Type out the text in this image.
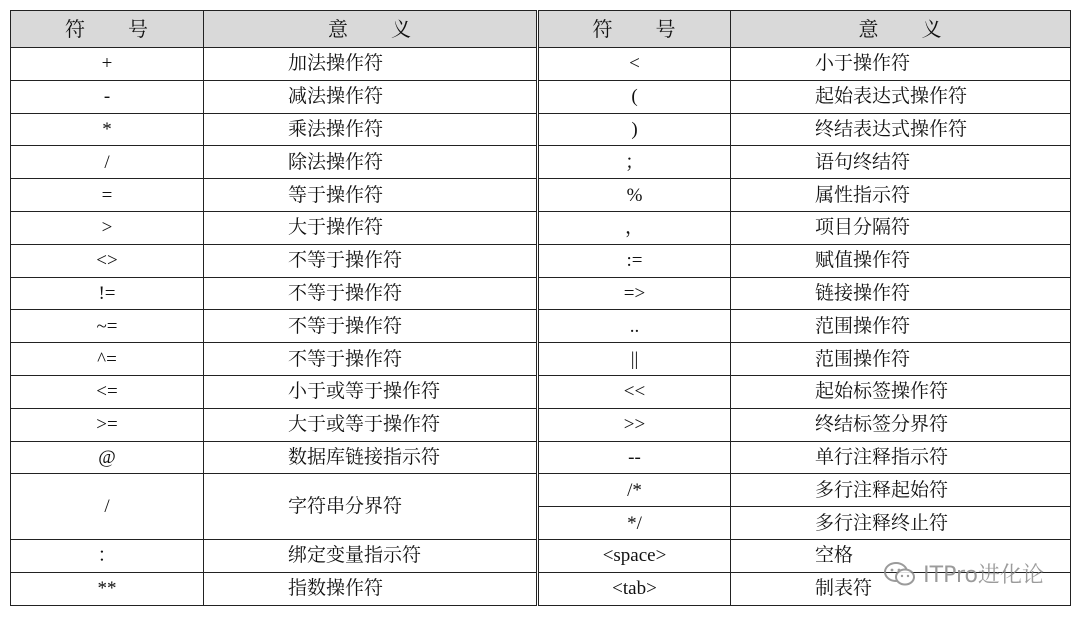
符　　号	意　　义	符　　号	意　　义
+	加法操作符	<	小于操作符
-	减法操作符	(	起始表达式操作符
*	乘法操作符	)	终结表达式操作符
/	除法操作符	；	语句终结符
=	等于操作符	%	属性指示符
>	大于操作符	，	项目分隔符
<>	不等于操作符	:=	赋值操作符
!=	不等于操作符	=>	链接操作符
~=	不等于操作符	..	范围操作符
^=	不等于操作符	||	范围操作符
<=	小于或等于操作符	<<	起始标签操作符
>=	大于或等于操作符	>>	终结标签分界符
@	数据库链接指示符	--	单行注释指示符
/	字符串分界符	/*	多行注释起始符
		*/	多行注释终止符
：	绑定变量指示符	<space>	空格
**	指数操作符	<tab>	制表符
ITPro进化论
